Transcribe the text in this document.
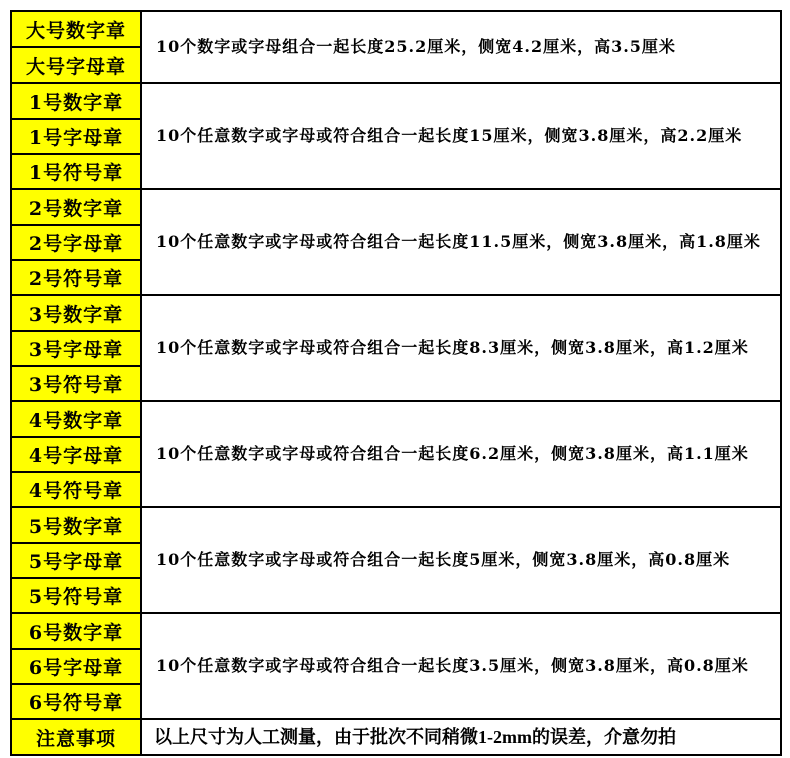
大号数字章	10个数字或字母组合一起长度25.2厘米，侧宽4.2厘米，高3.5厘米
大号字母章	
1号数字章	10个任意数字或字母或符合组合一起长度15厘米，侧宽3.8厘米，高2.2厘米
1号字母章	
1号符号章	
2号数字章	10个任意数字或字母或符合组合一起长度11.5厘米，侧宽3.8厘米，高1.8厘米
2号字母章	
2号符号章	
3号数字章	10个任意数字或字母或符合组合一起长度8.3厘米，侧宽3.8厘米，高1.2厘米
3号字母章	
3号符号章	
4号数字章	10个任意数字或字母或符合组合一起长度6.2厘米，侧宽3.8厘米，高1.1厘米
4号字母章	
4号符号章	
5号数字章	10个任意数字或字母或符合组合一起长度5厘米，侧宽3.8厘米，高0.8厘米
5号字母章	
5号符号章	
6号数字章	10个任意数字或字母或符合组合一起长度3.5厘米，侧宽3.8厘米，高0.8厘米
6号字母章	
6号符号章	
注意事项	以上尺寸为人工测量，由于批次不同稍微1-2mm的误差，介意勿拍
